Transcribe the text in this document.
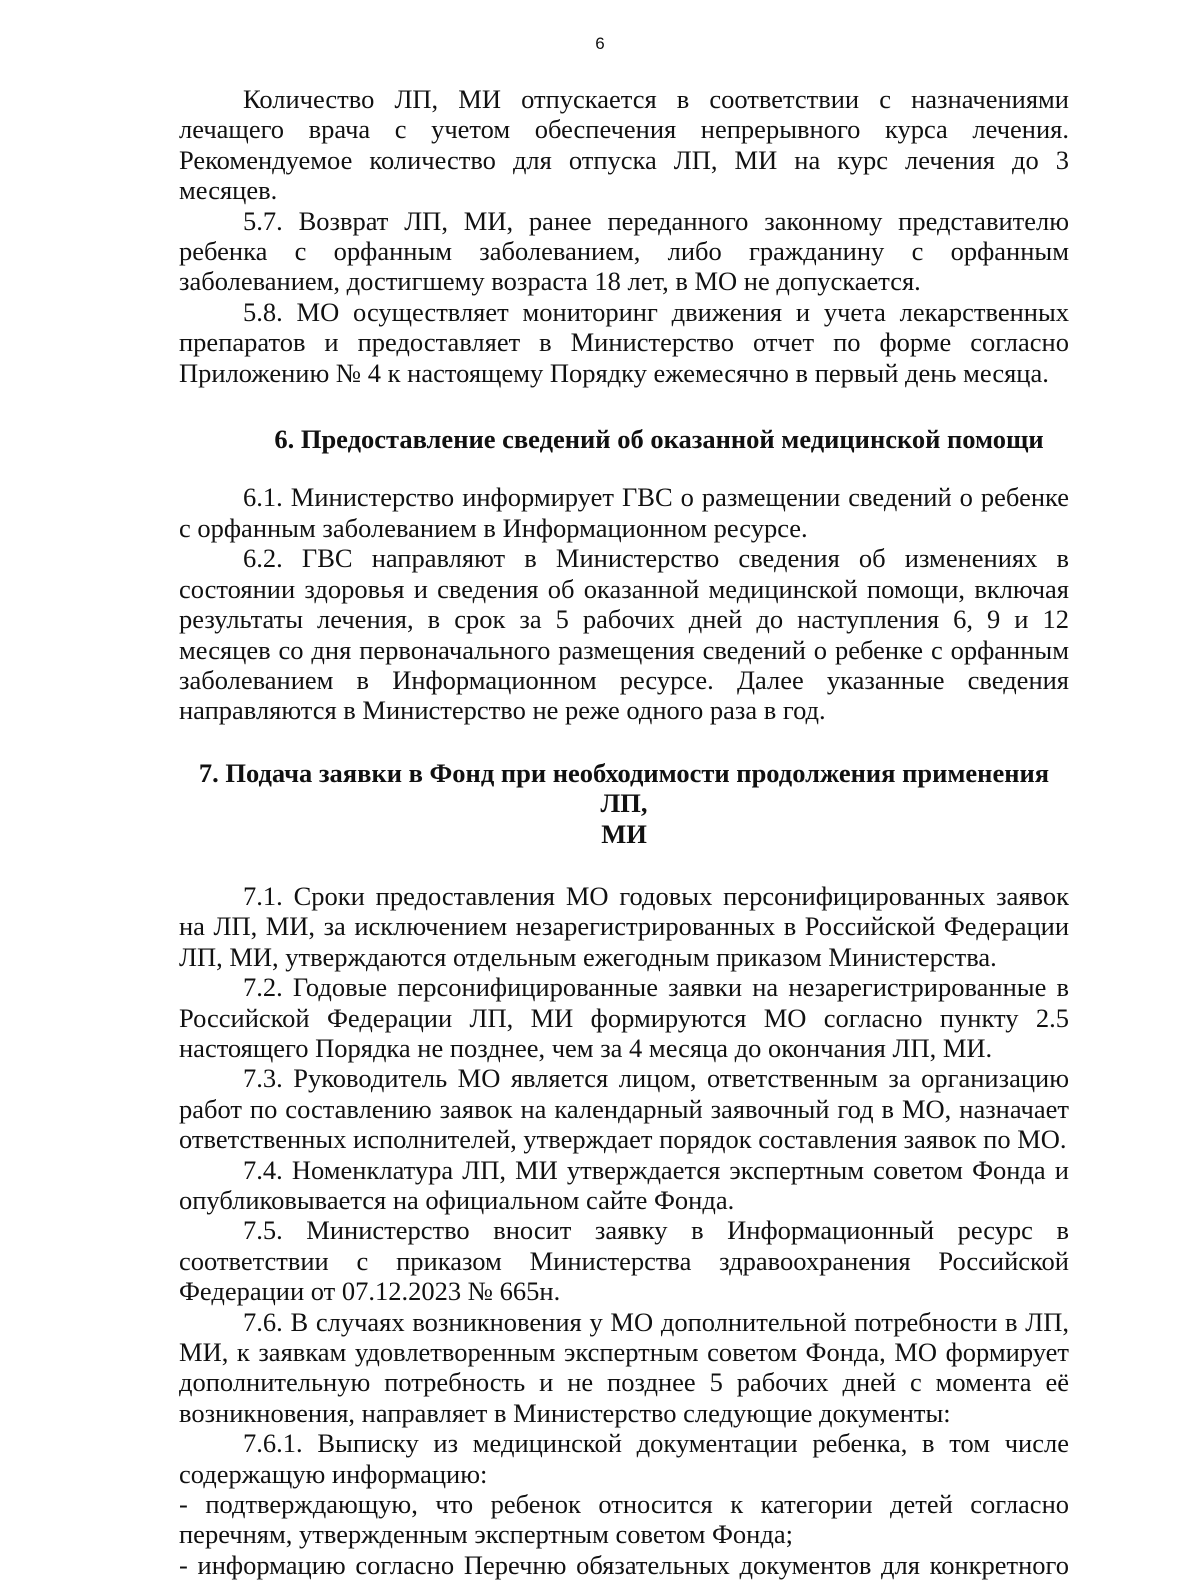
6

Количество ЛП, МИ отпускается в соответствии с назначениями лечащего врача с учетом обеспечения непрерывного курса лечения. Рекомендуемое количество для отпуска ЛП, МИ на курс лечения до 3 месяцев.

5.7. Возврат ЛП, МИ, ранее переданного законному представителю ребенка с орфанным заболеванием, либо гражданину с орфанным заболеванием, достигшему возраста 18 лет, в МО не допускается.

5.8. МО осуществляет мониторинг движения и учета лекарственных препаратов и предоставляет в Министерство отчет по форме согласно Приложению № 4 к настоящему Порядку ежемесячно в первый день месяца.

6. Предоставление сведений об оказанной медицинской помощи

6.1. Министерство информирует ГВС о размещении сведений о ребенке с орфанным заболеванием в Информационном ресурсе.

6.2. ГВС направляют в Министерство сведения об изменениях в состоянии здоровья и сведения об оказанной медицинской помощи, включая результаты лечения, в срок за 5 рабочих дней до наступления 6, 9 и 12 месяцев со дня первоначального размещения сведений о ребенке с орфанным заболеванием в Информационном ресурсе. Далее указанные сведения направляются в Министерство не реже одного раза в год.

7. Подача заявки в Фонд при необходимости продолжения применения ЛП,
МИ

7.1. Сроки предоставления МО годовых персонифицированных заявок на ЛП, МИ, за исключением незарегистрированных в Российской Федерации ЛП, МИ, утверждаются отдельным ежегодным приказом Министерства.

7.2. Годовые персонифицированные заявки на незарегистрированные в Российской Федерации ЛП, МИ формируются МО согласно пункту 2.5 настоящего Порядка не позднее, чем за 4 месяца до окончания ЛП, МИ.

7.3. Руководитель МО является лицом, ответственным за организацию работ по составлению заявок на календарный заявочный год в МО, назначает ответственных исполнителей, утверждает порядок составления заявок по МО.

7.4. Номенклатура ЛП, МИ утверждается экспертным советом Фонда и опубликовывается на официальном сайте Фонда.

7.5. Министерство вносит заявку в Информационный ресурс в соответствии с приказом Министерства здравоохранения Российской Федерации от 07.12.2023 № 665н.

7.6. В случаях возникновения у МО дополнительной потребности в ЛП, МИ, к заявкам удовлетворенным экспертным советом Фонда, МО формирует дополнительную потребность и не позднее 5 рабочих дней с момента её возникновения, направляет в Министерство следующие документы:

7.6.1. Выписку из медицинской документации ребенка, в том числе содержащую информацию:

- подтверждающую, что ребенок относится к категории детей согласно перечням, утвержденным экспертным советом Фонда;

- информацию согласно Перечню обязательных документов для конкретного
